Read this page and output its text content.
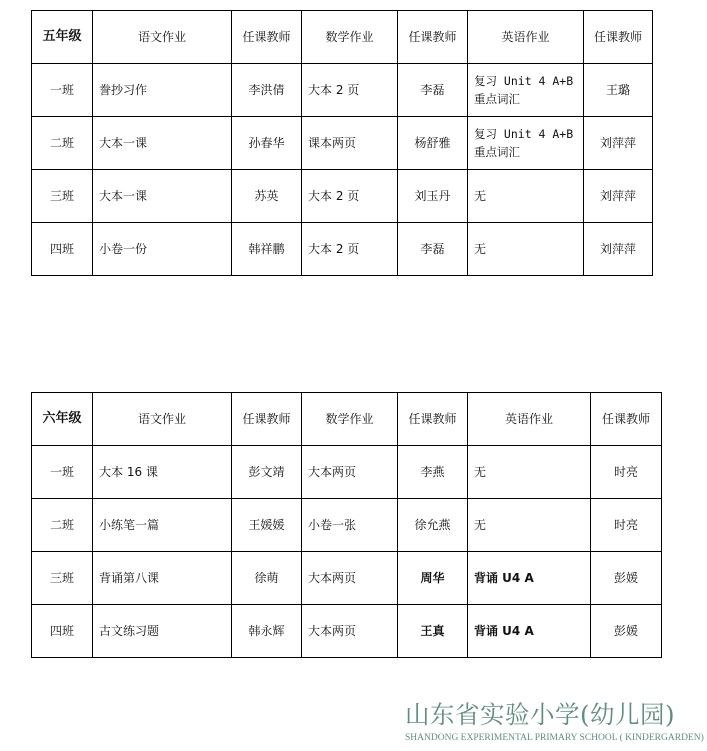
五年级	语文作业	任课教师	数学作业	任课教师	英语作业	任课教师
一班	誊抄习作	李洪倩	大本 2 页	李磊	复习 Unit 4 A+B 重点词汇	王璐
二班	大本一课	孙春华	课本两页	杨舒雅	复习 Unit 4 A+B 重点词汇	刘萍萍
三班	大本一课	苏英	大本 2 页	刘玉丹	无	刘萍萍
四班	小卷一份	韩祥鹏	大本 2 页	李磊	无	刘萍萍
六年级	语文作业	任课教师	数学作业	任课教师	英语作业	任课教师
一班	大本 16 课	彭文靖	大本两页	李燕	无	时亮
二班	小练笔一篇	王媛媛	小卷一张	徐允燕	无	时亮
三班	背诵第八课	徐萌	大本两页	周华	背诵 U4 A	彭媛
四班	古文练习题	韩永辉	大本两页	王真	背诵 U4 A	彭媛
山东省实验小学(幼儿园)
SHANDONG EXPERIMENTAL PRIMARY SCHOOL ( KINDERGARDEN)
